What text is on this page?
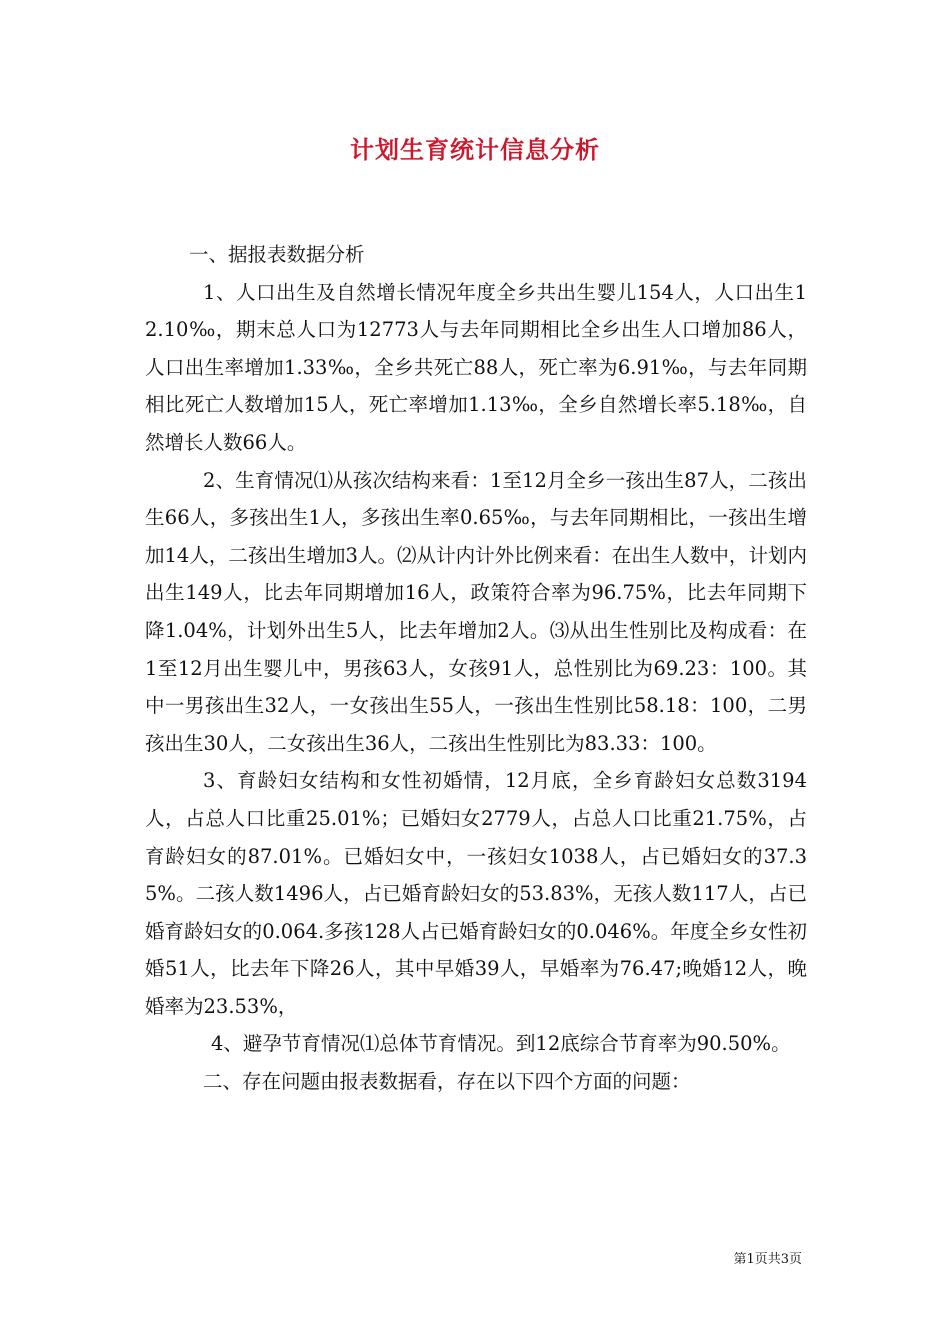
计划生育统计信息分析

一、据报表数据分析

1、人口出生及自然增长情况年度全乡共出生婴儿154人，人口出生12.10‰，期末总人口为12773人与去年同期相比全乡出生人口增加86人，人口出生率增加1.33‰，全乡共死亡88人，死亡率为6.91‰，与去年同期相比死亡人数增加15人，死亡率增加1.13‰，全乡自然增长率5.18‰，自然增长人数66人。

2、生育情况⑴从孩次结构来看：1至12月全乡一孩出生87人，二孩出生66人，多孩出生1人，多孩出生率0.65‰，与去年同期相比，一孩出生增加14人，二孩出生增加3人。⑵从计内计外比例来看：在出生人数中，计划内出生149人，比去年同期增加16人，政策符合率为96.75%，比去年同期下降1.04%，计划外出生5人，比去年增加2人。⑶从出生性别比及构成看：在1至12月出生婴儿中，男孩63人，女孩91人，总性别比为69.23：100。其中一男孩出生32人，一女孩出生55人，一孩出生性别比58.18：100，二男孩出生30人，二女孩出生36人，二孩出生性别比为83.33：100。

3、育龄妇女结构和女性初婚情，12月底，全乡育龄妇女总数3194人，占总人口比重25.01%；已婚妇女2779人，占总人口比重21.75%，占育龄妇女的87.01%。已婚妇女中，一孩妇女1038人，占已婚妇女的37.35%。二孩人数1496人，占已婚育龄妇女的53.83%，无孩人数117人，占已婚育龄妇女的0.064.多孩128人占已婚育龄妇女的0.046%。年度全乡女性初婚51人，比去年下降26人，其中早婚39人，早婚率为76.47;晚婚12人，晚婚率为23.53%，

4、避孕节育情况⑴总体节育情况。到12底综合节育率为90.50%。

二、存在问题由报表数据看，存在以下四个方面的问题：

第1页共3页
